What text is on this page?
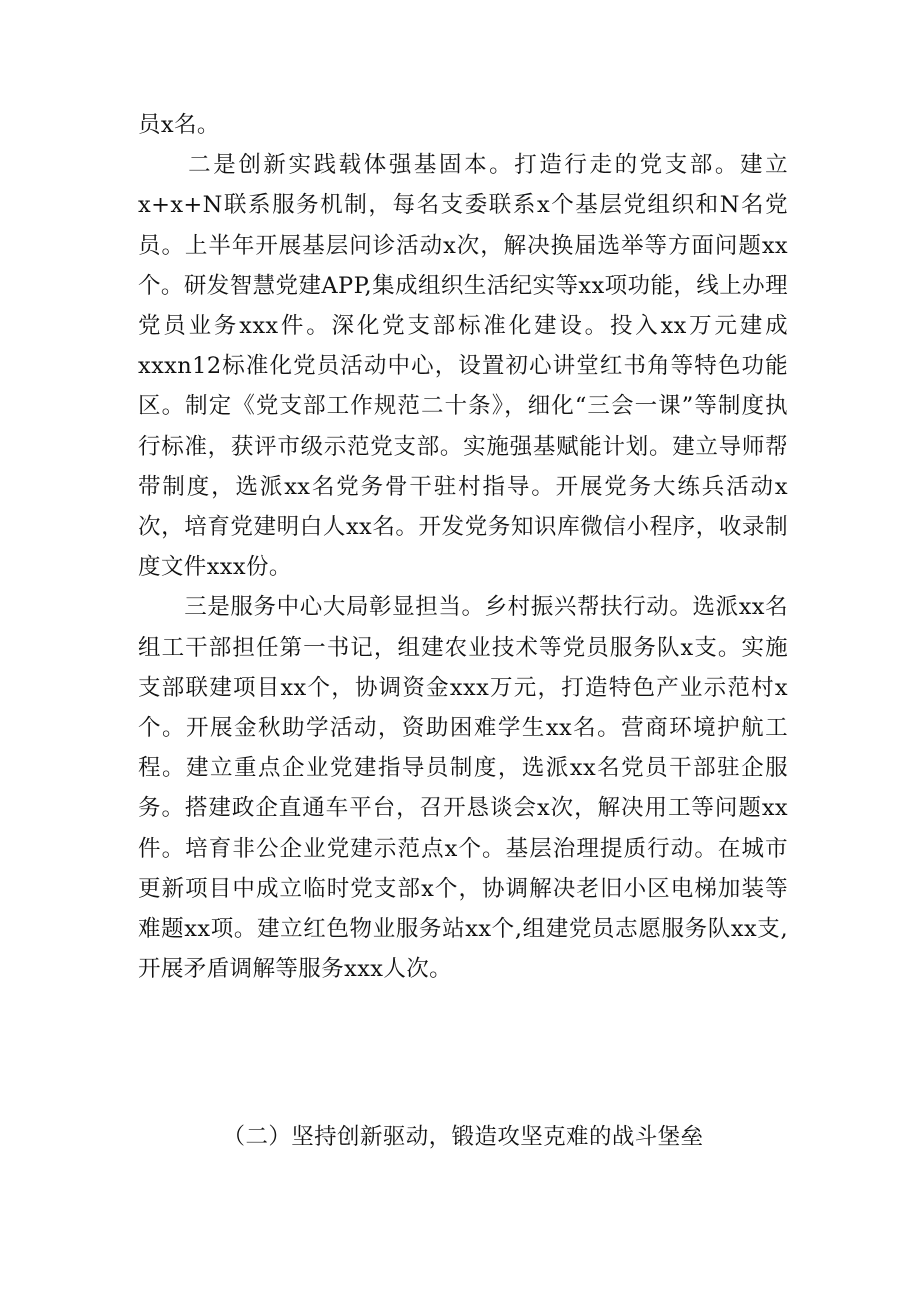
员x名。

　　二是创新实践载体强基固本。打造行走的党支部。建立x+x+N联系服务机制，每名支委联系x个基层党组织和N名党员。上半年开展基层问诊活动x次，解决换届选举等方面问题xx个。研发智慧党建APP,集成组织生活纪实等xx项功能，线上办理党员业务xxx件。深化党支部标准化建设。投入xx万元建成xxxn12标准化党员活动中心，设置初心讲堂红书角等特色功能区。制定《党支部工作规范二十条》，细化“三会一课”等制度执行标准，获评市级示范党支部。实施强基赋能计划。建立导师帮带制度，选派xx名党务骨干驻村指导。开展党务大练兵活动x次，培育党建明白人xx名。开发党务知识库微信小程序，收录制度文件xxx份。

　　三是服务中心大局彰显担当。乡村振兴帮扶行动。选派xx名组工干部担任第一书记，组建农业技术等党员服务队x支。实施支部联建项目xx个，协调资金xxx万元，打造特色产业示范村x个。开展金秋助学活动，资助困难学生xx名。营商环境护航工程。建立重点企业党建指导员制度，选派xx名党员干部驻企服务。搭建政企直通车平台，召开恳谈会x次，解决用工等问题xx件。培育非公企业党建示范点x个。基层治理提质行动。在城市更新项目中成立临时党支部x个，协调解决老旧小区电梯加装等难题xx项。建立红色物业服务站xx个,组建党员志愿服务队xx支,开展矛盾调解等服务xxx人次。

（二）坚持创新驱动，锻造攻坚克难的战斗堡垒
